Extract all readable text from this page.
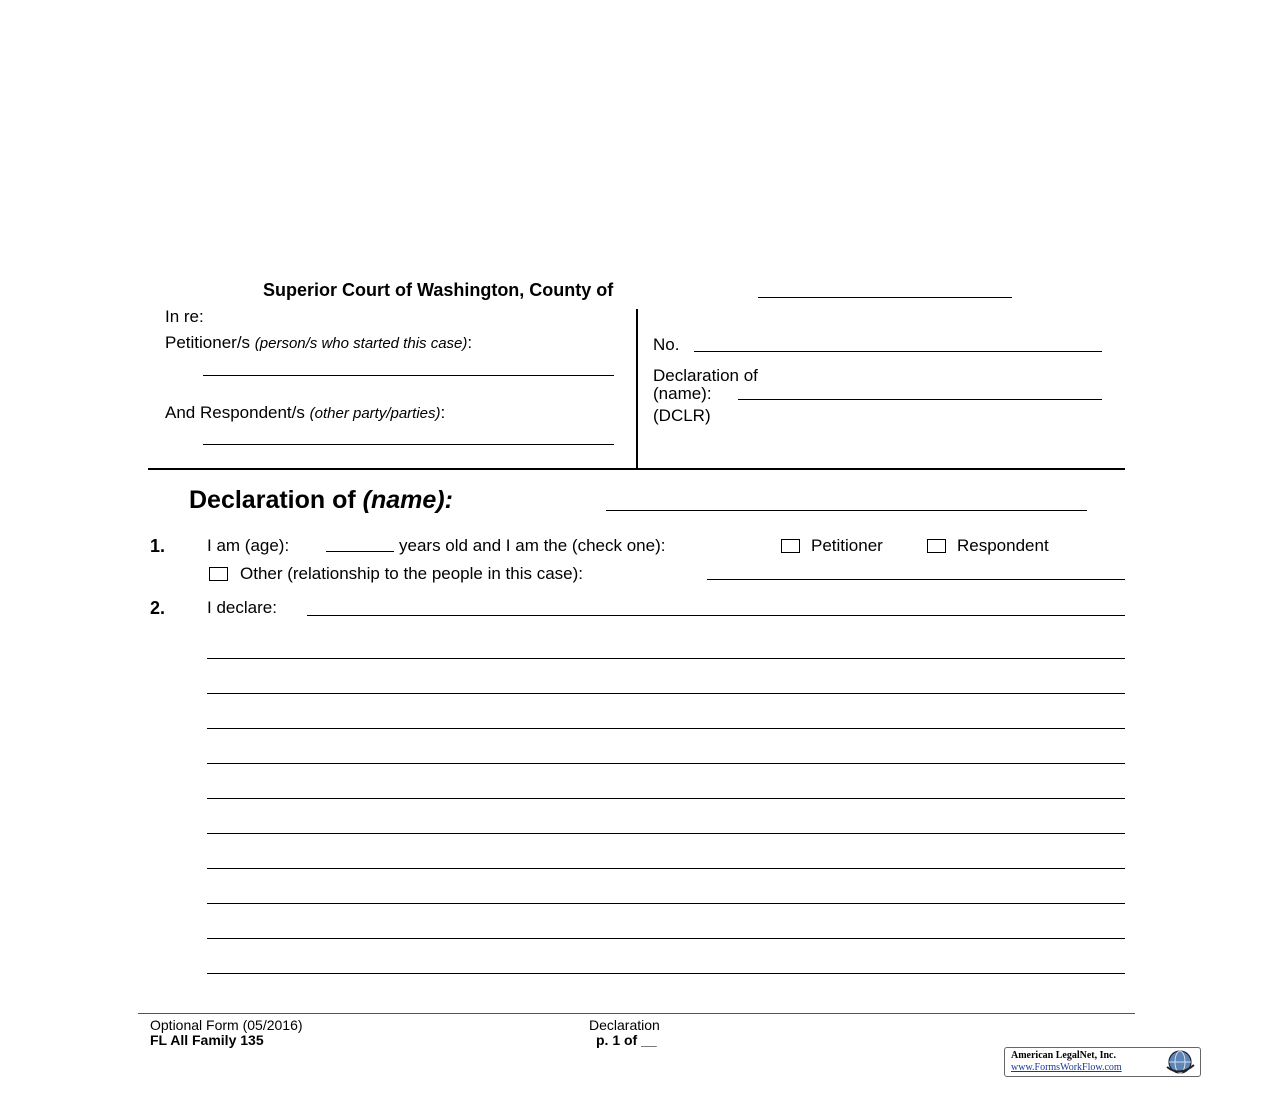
Superior Court of Washington, County of
In re:
Petitioner/s (person/s who started this case):
And Respondent/s (other party/parties):
No.
Declaration of
(name):
(DCLR)
Declaration of (name):
1. I am (age):	years old and I am the (check one):	Petitioner	Respondent
Other (relationship to the people in this case):
2. I declare:
Optional Form (05/2016)
FL All Family 135
Declaration
p. 1 of __
American LegalNet, Inc.
www.FormsWorkFlow.com
